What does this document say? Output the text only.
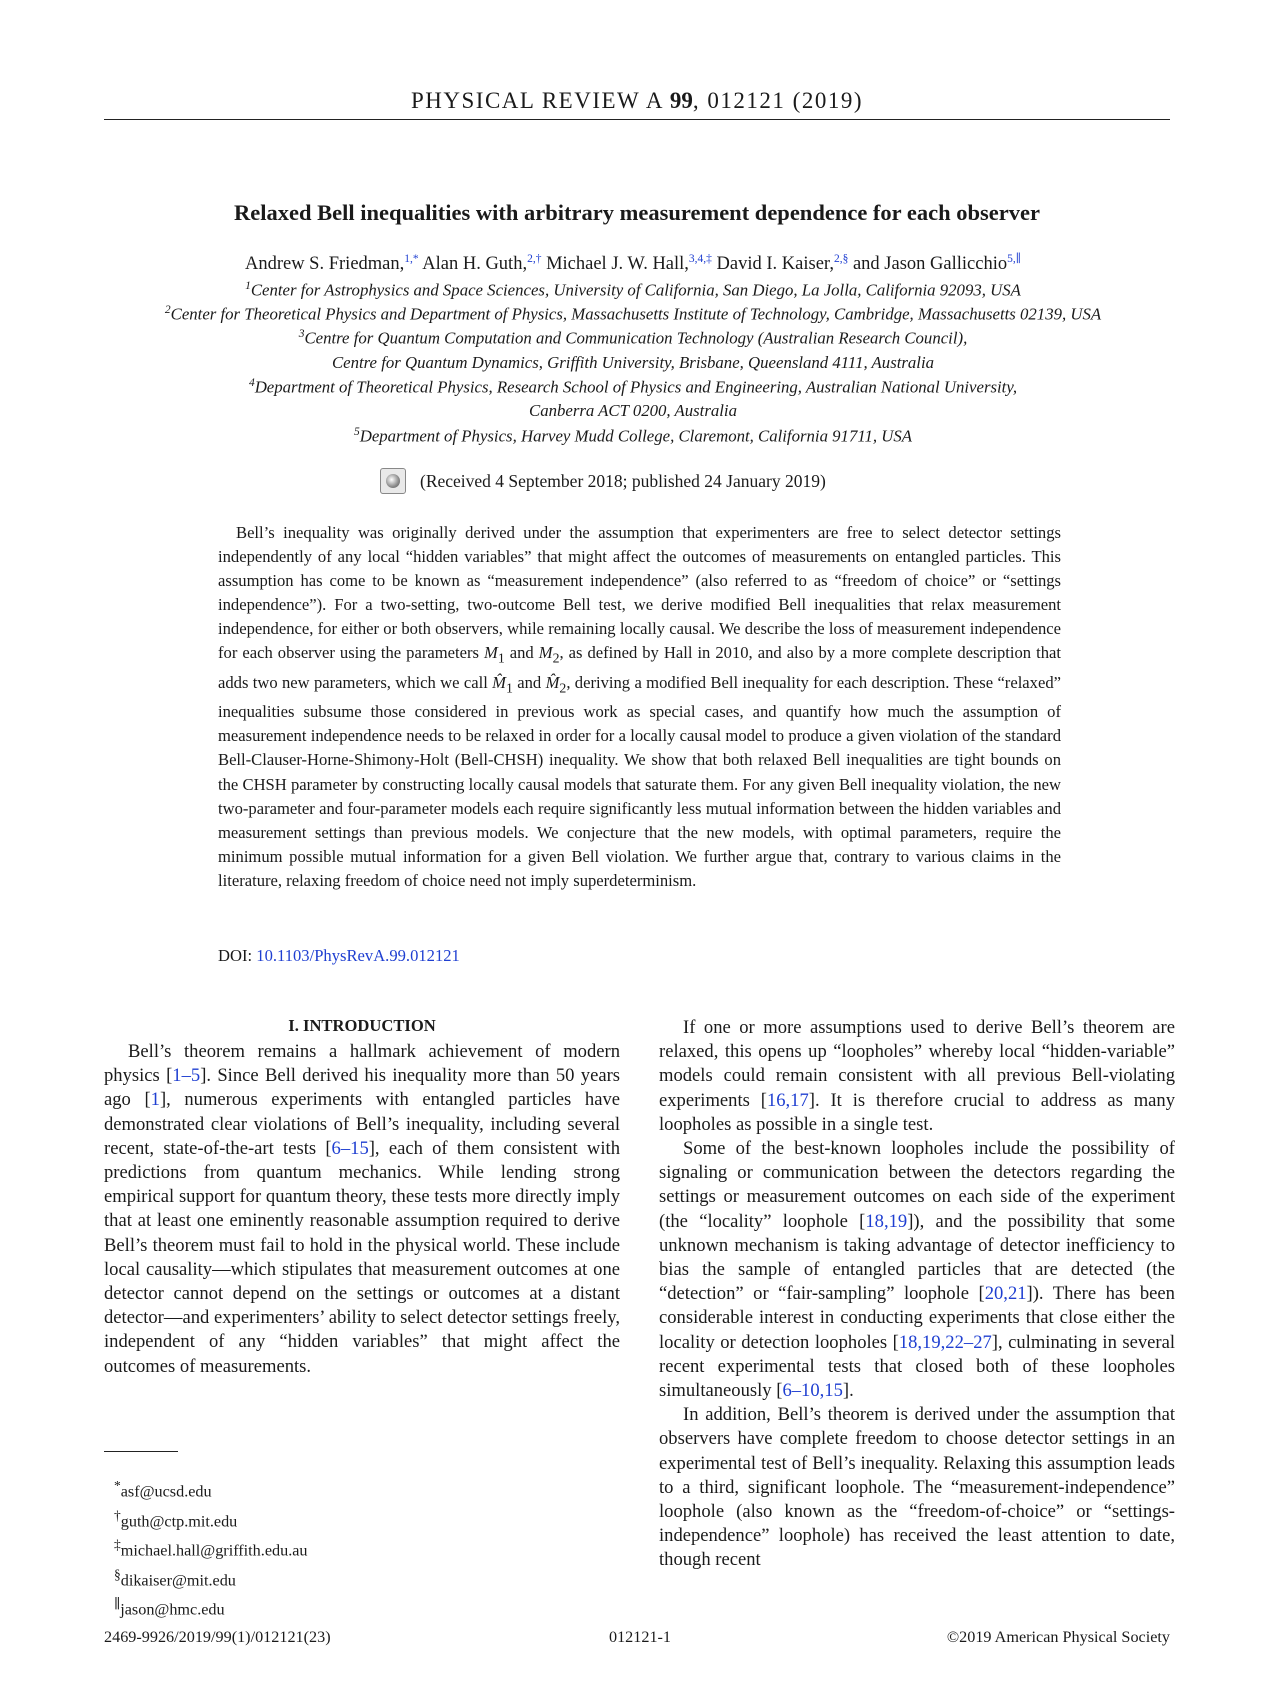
PHYSICAL REVIEW A 99, 012121 (2019)
Relaxed Bell inequalities with arbitrary measurement dependence for each observer
Andrew S. Friedman,$^{1,*}$ Alan H. Guth,$^{2,\dagger}$ Michael J. W. Hall,$^{3,4,\ddagger}$ David I. Kaiser,$^{2,\S}$ and Jason Gallicchio$^{5,\parallel}$
$^1$Center for Astrophysics and Space Sciences, University of California, San Diego, La Jolla, California 92093, USA
$^2$Center for Theoretical Physics and Department of Physics, Massachusetts Institute of Technology, Cambridge, Massachusetts 02139, USA
$^3$Centre for Quantum Computation and Communication Technology (Australian Research Council),
Centre for Quantum Dynamics, Griffith University, Brisbane, Queensland 4111, Australia
$^4$Department of Theoretical Physics, Research School of Physics and Engineering, Australian National University,
Canberra ACT 0200, Australia
$^5$Department of Physics, Harvey Mudd College, Claremont, California 91711, USA
(Received 4 September 2018; published 24 January 2019)

Bell’s inequality was originally derived under the assumption that experimenters are free to select detector settings independently of any local “hidden variables” that might affect the outcomes of measurements on entangled particles. This assumption has come to be known as “measurement independence” (also referred to as “freedom of choice” or “settings independence”). For a two-setting, two-outcome Bell test, we derive modified Bell inequalities that relax measurement independence, for either or both observers, while remaining locally causal. We describe the loss of measurement independence for each observer using the parameters $M_1$ and $M_2$, as defined by Hall in 2010, and also by a more complete description that adds two new parameters, which we call $M̂_1$ and $M̂_2$, deriving a modified Bell inequality for each description. These “relaxed” inequalities subsume those considered in previous work as special cases, and quantify how much the assumption of measurement independence needs to be relaxed in order for a locally causal model to produce a given violation of the standard Bell-Clauser-Horne-Shimony-Holt (Bell-CHSH) inequality. We show that both relaxed Bell inequalities are tight bounds on the CHSH parameter by constructing locally causal models that saturate them. For any given Bell inequality violation, the new two-parameter and four-parameter models each require significantly less mutual information between the hidden variables and measurement settings than previous models. We conjecture that the new models, with optimal parameters, require the minimum possible mutual information for a given Bell violation. We further argue that, contrary to various claims in the literature, relaxing freedom of choice need not imply superdeterminism.

DOI: 10.1103/PhysRevA.99.012121
I. INTRODUCTION

Bell’s theorem remains a hallmark achievement of modern physics [1–5]. Since Bell derived his inequality more than 50 years ago [1], numerous experiments with entangled particles have demonstrated clear violations of Bell’s inequality, including several recent, state-of-the-art tests [6–15], each of them consistent with predictions from quantum mechanics. While lending strong empirical support for quantum theory, these tests more directly imply that at least one eminently reasonable assumption required to derive Bell’s theorem must fail to hold in the physical world. These include local causality—which stipulates that measurement outcomes at one detector cannot depend on the settings or outcomes at a distant detector—and experimenters’ ability to select detector settings freely, independent of any “hidden variables” that might affect the outcomes of measurements.

If one or more assumptions used to derive Bell’s theorem are relaxed, this opens up “loopholes” whereby local “hidden-variable” models could remain consistent with all previous Bell-violating experiments [16,17]. It is therefore crucial to address as many loopholes as possible in a single test.

Some of the best-known loopholes include the possibility of signaling or communication between the detectors regarding the settings or measurement outcomes on each side of the experiment (the “locality” loophole [18,19]), and the possibility that some unknown mechanism is taking advantage of detector inefficiency to bias the sample of entangled particles that are detected (the “detection” or “fair-sampling” loophole [20,21]). There has been considerable interest in conducting experiments that close either the locality or detection loopholes [18,19,22–27], culminating in several recent experimental tests that closed both of these loopholes simultaneously [6–10,15].

In addition, Bell’s theorem is derived under the assumption that observers have complete freedom to choose detector settings in an experimental test of Bell’s inequality. Relaxing this assumption leads to a third, significant loophole. The “measurement-independence” loophole (also known as the “freedom-of-choice” or “settings-independence” loophole) has received the least attention to date, though recent

*asf@ucsd.edu
†guth@ctp.mit.edu
‡michael.hall@griffith.edu.au
§dikaiser@mit.edu
∥jason@hmc.edu
2469-9926/2019/99(1)/012121(23)	012121-1	©2019 American Physical Society
